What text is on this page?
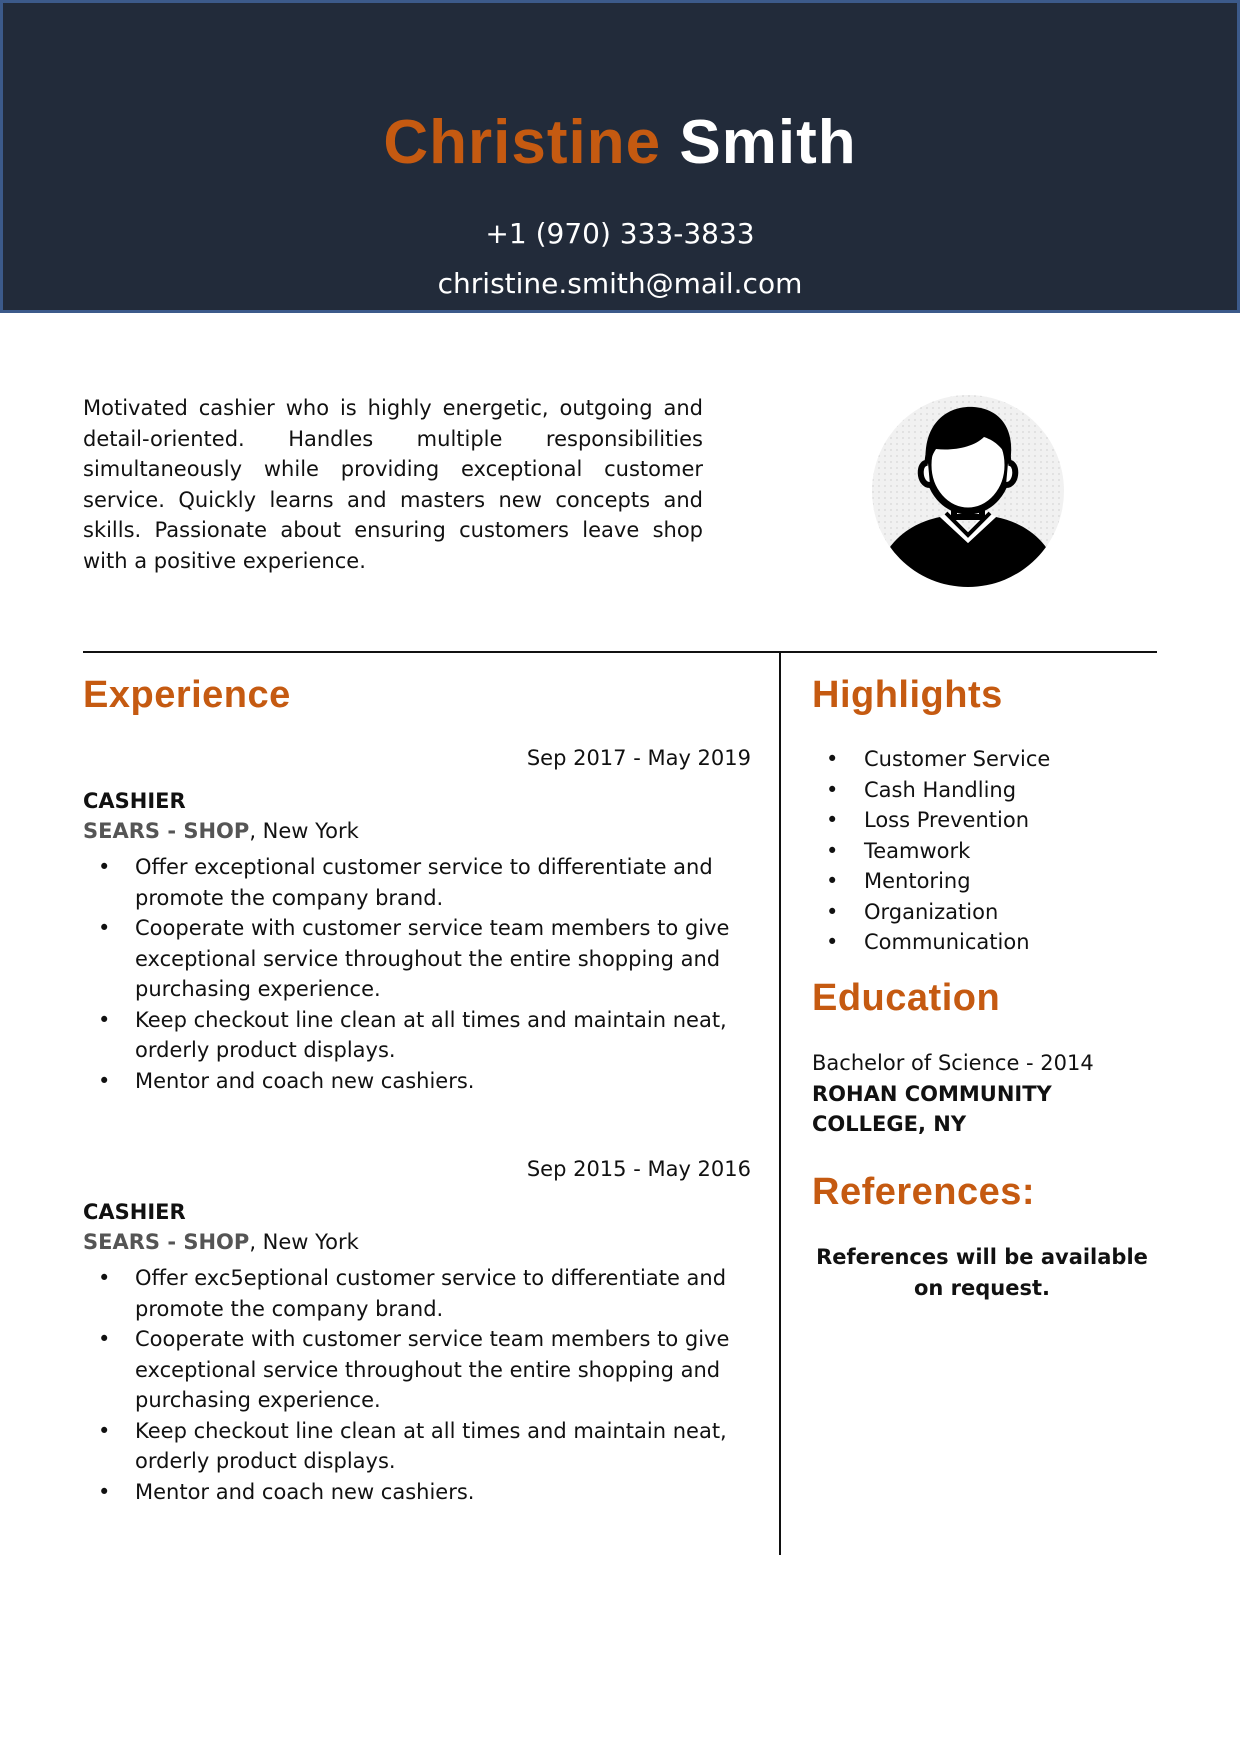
Christine Smith
+1 (970) 333-3833
christine.smith@mail.com

Motivated cashier who is highly energetic, outgoing and detail-oriented. Handles multiple responsibilities simultaneously while providing exceptional customer service. Quickly learns and masters new concepts and skills. Passionate about ensuring customers leave shop with a positive experience.

Experience
Sep 2017 - May 2019
CASHIER
SEARS - SHOP, New York
• Offer exceptional customer service to differentiate and promote the company brand.
• Cooperate with customer service team members to give exceptional service throughout the entire shopping and purchasing experience.
• Keep checkout line clean at all times and maintain neat, orderly product displays.
• Mentor and coach new cashiers.
Sep 2015 - May 2016
CASHIER
SEARS - SHOP, New York
• Offer exc5eptional customer service to differentiate and promote the company brand.
• Cooperate with customer service team members to give exceptional service throughout the entire shopping and purchasing experience.
• Keep checkout line clean at all times and maintain neat, orderly product displays.
• Mentor and coach new cashiers.
Highlights
• Customer Service
• Cash Handling
• Loss Prevention
• Teamwork
• Mentoring
• Organization
• Communication
Education
Bachelor of Science - 2014
ROHAN COMMUNITY COLLEGE, NY
References:
References will be available on request.
